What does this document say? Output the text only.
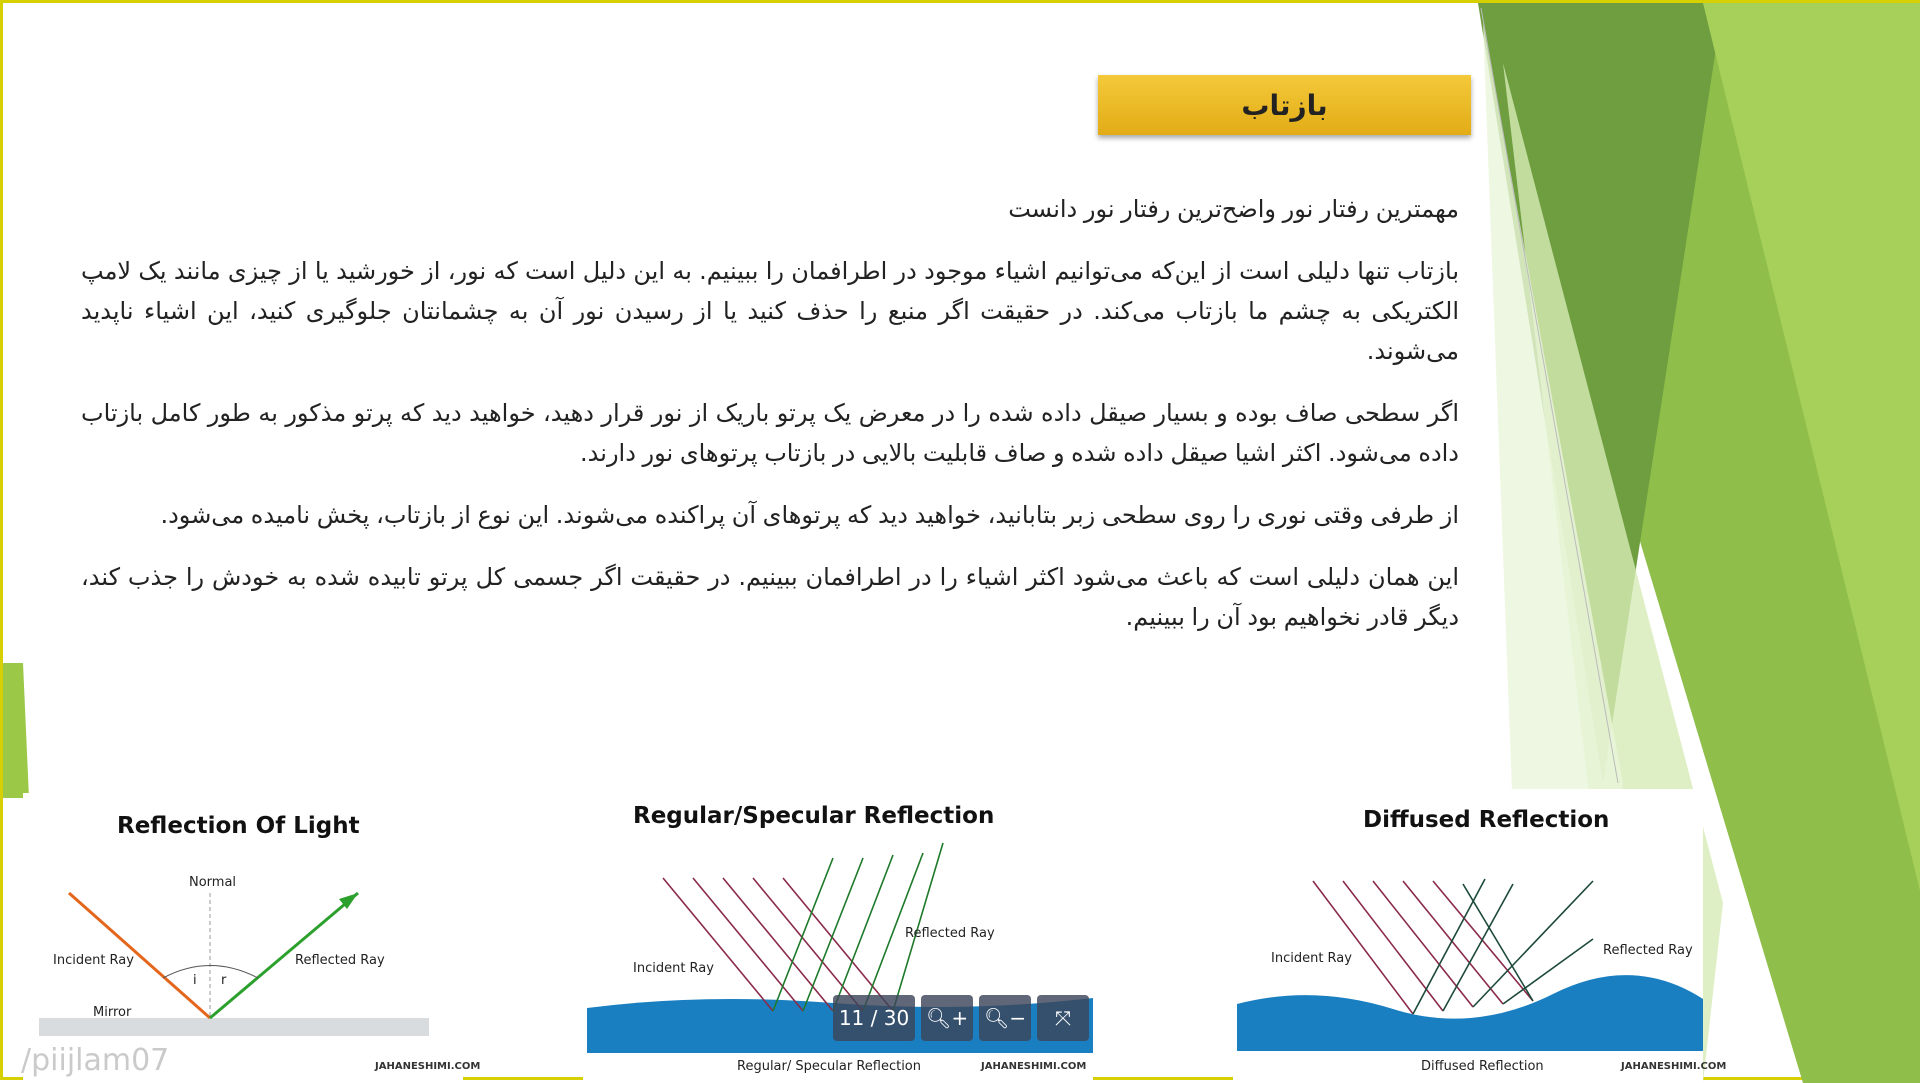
بازتاب
مهمترین رفتار نور واضح‌ترین رفتار نور دانست
بازتاب تنها دلیلی است از این‌که می‌توانیم اشیاء موجود در اطرافمان را ببینیم. به این دلیل است که نور، از خورشید یا از چیزی مانند یک لامپ الکتریکی به چشم ما بازتاب می‌کند. در حقیقت اگر منبع را حذف کنید یا از رسیدن نور آن به چشمانتان جلوگیری کنید، این اشیاء ناپدید می‌شوند.
اگر سطحی صاف بوده و بسیار صیقل داده شده را در معرض یک پرتو باریک از نور قرار دهید، خواهید دید که پرتو مذکور به طور کامل بازتاب داده می‌شود. اکثر اشیا صیقل داده شده و صاف قابلیت بالایی در بازتاب پرتوهای نور دارند.
از طرفی وقتی نوری را روی سطحی زبر بتابانید، خواهید دید که پرتوهای آن پراکنده می‌شوند. این نوع از بازتاب، پخش نامیده می‌شود.
این همان دلیلی است که باعث می‌شود اکثر اشیاء را در اطرافمان ببینیم. در حقیقت اگر جسمی کل پرتو تابیده شده به خودش را جذب کند، دیگر قادر نخواهیم بود آن را ببینیم.
Reflection Of Light
Normal
Incident Ray	Reflected Ray
i r
Mirror
JAHANESHIMI.COM
Regular/Specular Reflection
Incident Ray
Reflected Ray
Regular/ Specular Reflection	JAHANESHIMI.COM
Diffused Reflection
Incident Ray
Reflected Ray
Diffused Reflection	JAHANESHIMI.COM
/piijlam07
11 / 30 🔍︎+ 🔍︎− ⤧
